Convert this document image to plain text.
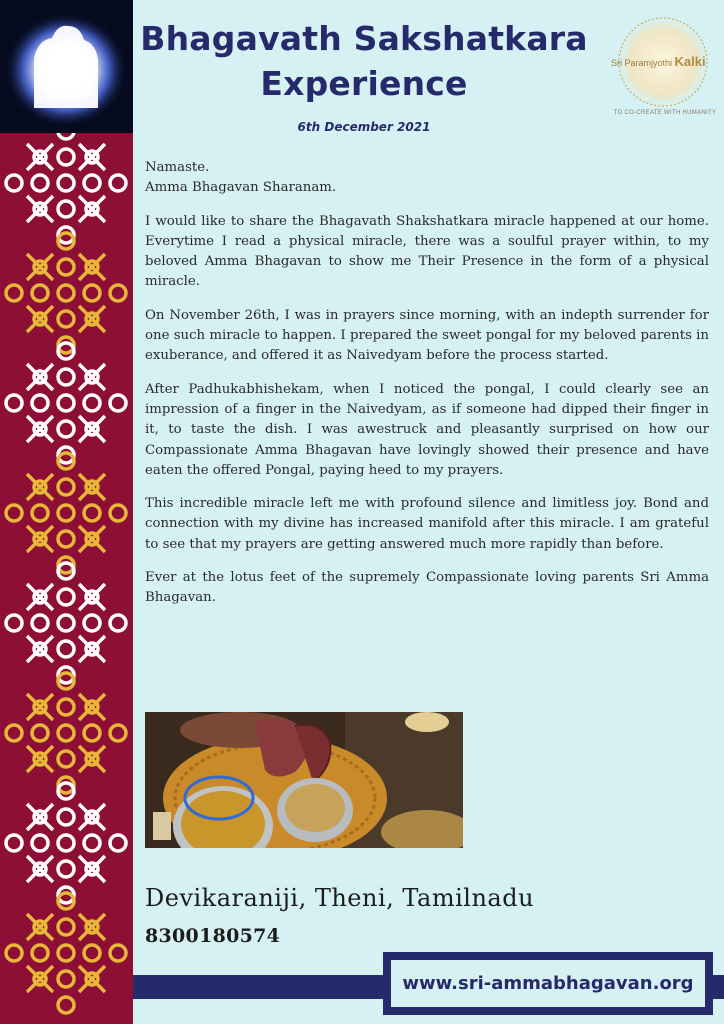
Bhagavath Sakshatkara
Experience
6th December 2021
Sri Paramjyothi Kalki
TO CO-CREATE WITH HUMANITY

Namaste.

Amma Bhagavan Sharanam.

I would like to share the Bhagavath Shakshatkara miracle happened at our home. Everytime I read a physical miracle, there was a soulful prayer within, to my beloved Amma Bhagavan to show me Their Presence in the form of a physical miracle.

On November 26th, I was in prayers since morning, with an indepth surrender for one such miracle to happen. I prepared the sweet pongal for my beloved parents in exuberance, and offered it as Naivedyam before the process started.

After Padhukabhishekam, when I noticed the pongal, I could clearly see an impression of a finger in the Naivedyam, as if someone had dipped their finger in it, to taste the dish. I was awestruck and pleasantly surprised on how our Compassionate Amma Bhagavan have lovingly showed their presence and have eaten the offered Pongal, paying heed to my prayers.

This incredible miracle left me with profound silence and limitless joy. Bond and connection with my divine has increased manifold after this miracle. I am grateful to see that my prayers are getting answered much more rapidly than before.

Ever at the lotus feet of the supremely Compassionate loving parents Sri Amma Bhagavan.

Devikaraniji, Theni, Tamilnadu
8300180574
www.sri-ammabhagavan.org
